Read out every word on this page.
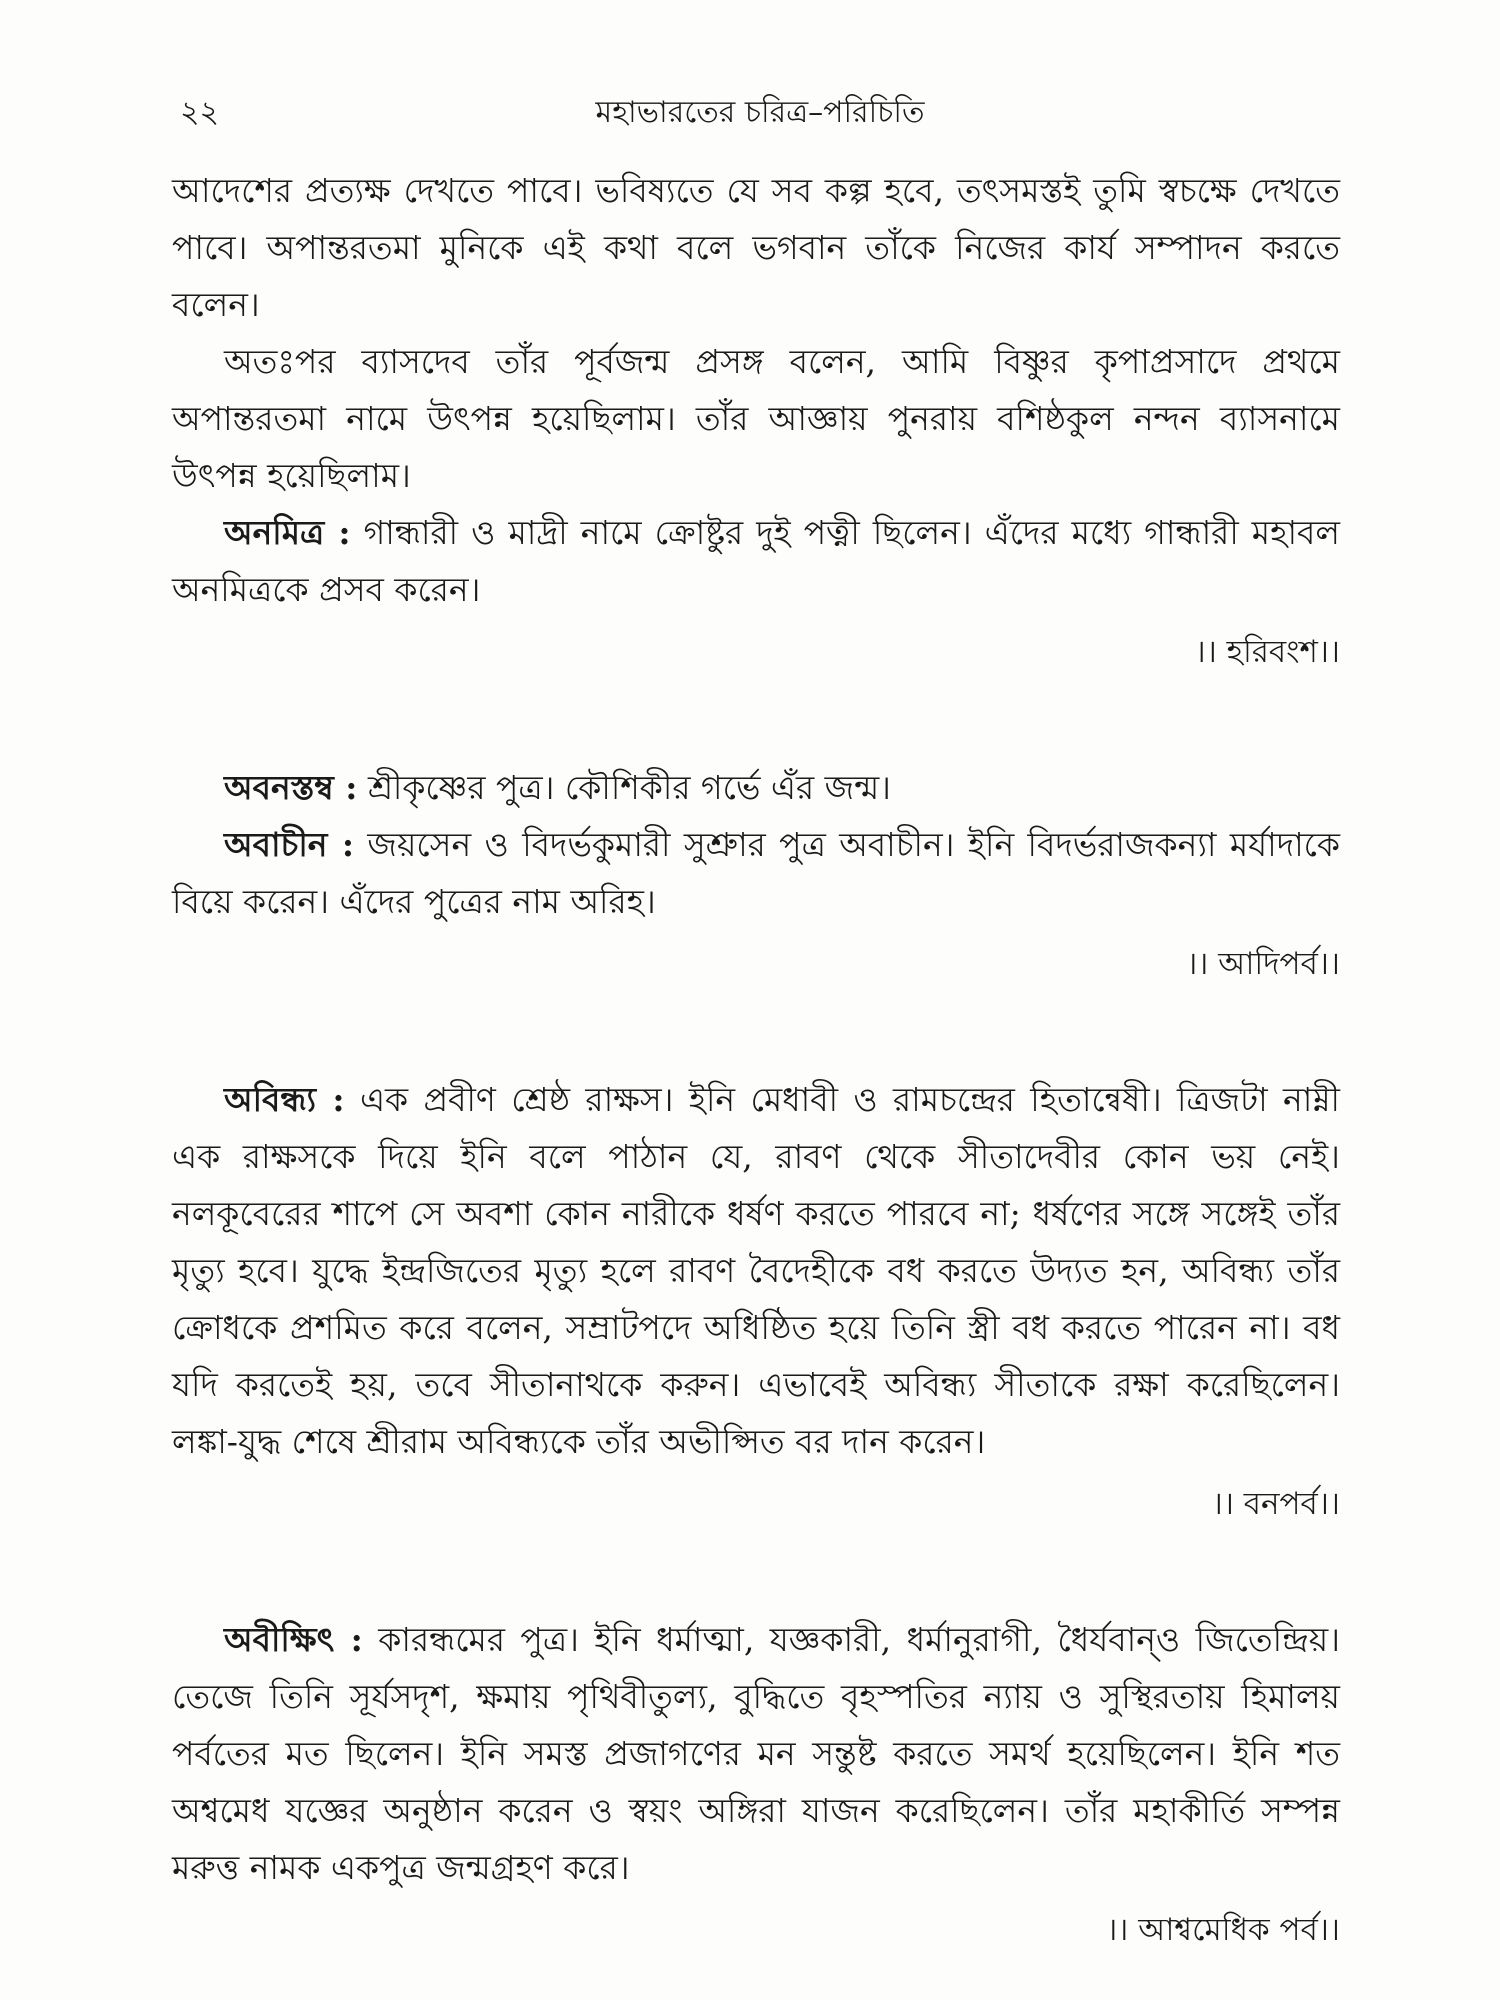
২২	মহাভারতের চরিত্র–পরিচিতি

আদেশের প্রত্যক্ষ দেখতে পাবে। ভবিষ্যতে যে সব কল্প হবে, তৎসমস্তই তুমি স্বচক্ষে দেখতে পাবে। অপান্তরতমা মুনিকে এই কথা বলে ভগবান তাঁকে নিজের কার্য সম্পাদন করতে বলেন।

অতঃপর ব্যাসদেব তাঁর পূর্বজন্ম প্রসঙ্গ বলেন, আমি বিষ্ণুর কৃপাপ্রসাদে প্রথমে অপান্তরতমা নামে উৎপন্ন হয়েছিলাম। তাঁর আজ্ঞায় পুনরায় বশিষ্ঠকুল নন্দন ব্যাসনামে উৎপন্ন হয়েছিলাম।

অনমিত্র : গান্ধারী ও মাদ্রী নামে ক্রোষ্টুর দুই পত্নী ছিলেন। এঁদের মধ্যে গান্ধারী মহাবল অনমিত্রকে প্রসব করেন।

।। হরিবংশ।।

অবনস্তম্ব : শ্রীকৃষ্ণের পুত্র। কৌশিকীর গর্ভে এঁর জন্ম।

অবাচীন : জয়সেন ও বিদর্ভকুমারী সুশ্রুার পুত্র অবাচীন। ইনি বিদর্ভরাজকন্যা মর্যাদাকে বিয়ে করেন। এঁদের পুত্রের নাম অরিহ।

।। আদিপর্ব।।

অবিন্ধ্য : এক প্রবীণ শ্রেষ্ঠ রাক্ষস। ইনি মেধাবী ও রামচন্দ্রের হিতান্বেষী। ত্রিজটা নাম্নী এক রাক্ষসকে দিয়ে ইনি বলে পাঠান যে, রাবণ থেকে সীতাদেবীর কোন ভয় নেই। নলকূবেরের শাপে সে অবশা কোন নারীকে ধর্ষণ করতে পারবে না; ধর্ষণের সঙ্গে সঙ্গেই তাঁর মৃত্যু হবে। যুদ্ধে ইন্দ্রজিতের মৃত্যু হলে রাবণ বৈদেহীকে বধ করতে উদ্যত হন, অবিন্ধ্য তাঁর ক্রোধকে প্রশমিত করে বলেন, সম্রাটপদে অধিষ্ঠিত হয়ে তিনি স্ত্রী বধ করতে পারেন না। বধ যদি করতেই হয়, তবে সীতানাথকে করুন। এভাবেই অবিন্ধ্য সীতাকে রক্ষা করেছিলেন। লঙ্কা-যুদ্ধ শেষে শ্রীরাম অবিন্ধ্যকে তাঁর অভীপ্সিত বর দান করেন।

।। বনপর্ব।।

অবীক্ষিৎ : কারন্ধমের পুত্র। ইনি ধর্মাত্মা, যজ্ঞকারী, ধর্মানুরাগী, ধৈর্যবান্‌ও জিতেন্দ্রিয়। তেজে তিনি সূর্যসদৃশ, ক্ষমায় পৃথিবীতুল্য, বুদ্ধিতে বৃহস্পতির ন্যায় ও সুস্থিরতায় হিমালয় পর্বতের মত ছিলেন। ইনি সমস্ত প্রজাগণের মন সন্তুষ্ট করতে সমর্থ হয়েছিলেন। ইনি শত অশ্বমেধ যজ্ঞের অনুষ্ঠান করেন ও স্বয়ং অঙ্গিরা যাজন করেছিলেন। তাঁর মহাকীর্তি সম্পন্ন মরুত্ত নামক একপুত্র জন্মগ্রহণ করে।

।। আশ্বমেধিক পর্ব।।
